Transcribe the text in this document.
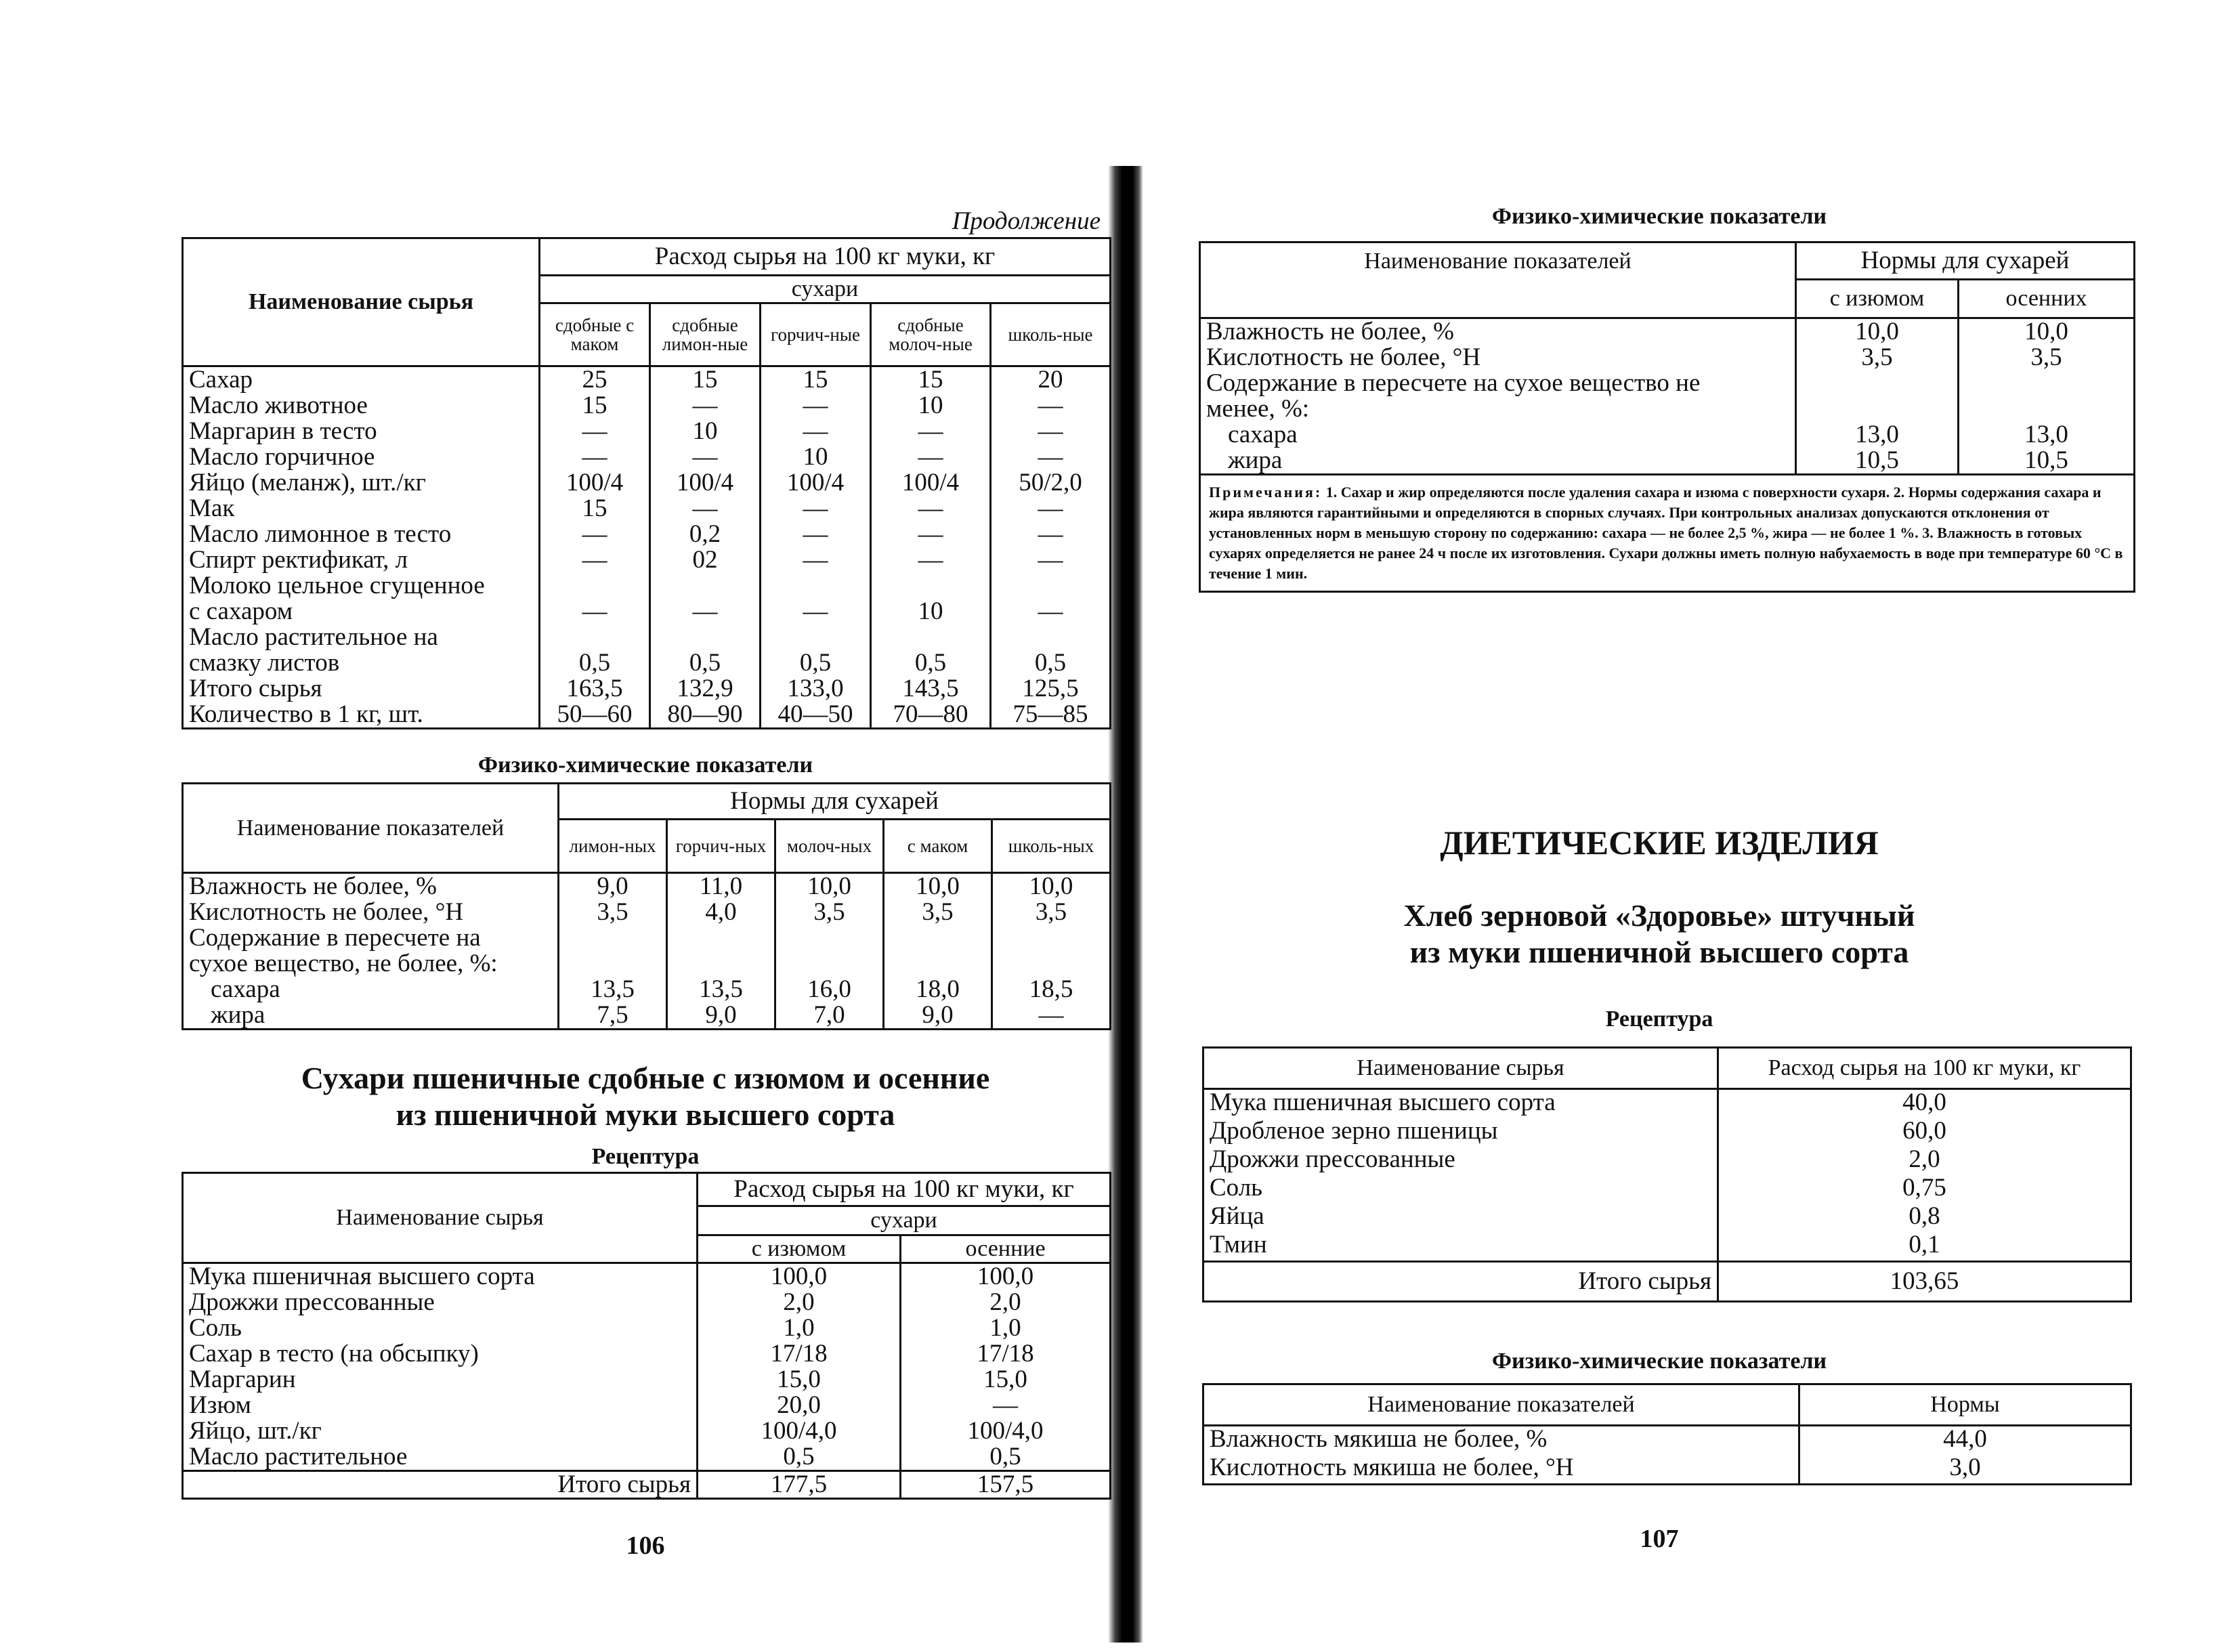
Продолжение
Наименование сырья	Расход сырья на 100 кг муки, кг				
	сухари				
	сдобные с маком	сдобные лимон-ные	горчич-ные	сдобные молоч-ные	школь-ные
Сахар	25	15	15	15	20
Масло животное	15	—	—	10	—
Маргарин в тесто	—	10	—	—	—
Масло горчичное	—	—	10	—	—
Яйцо (меланж), шт./кг	100/4	100/4	100/4	100/4	50/2,0
Мак	15	—	—	—	—
Масло лимонное в тесто	—	0,2	—	—	—
Спирт ректификат, л	—	02	—	—	—
Молоко цельное сгущенное					
с сахаром	—	—	—	10	—
Масло растительное на					
смазку листов	0,5	0,5	0,5	0,5	0,5
Итого сырья	163,5	132,9	133,0	143,5	125,5
Количество в 1 кг, шт.	50—60	80—90	40—50	70—80	75—85
Физико-химические показатели
Наименование показателей	Нормы для сухарей				
	лимон-ных	горчич-ных	молоч-ных	с маком	школь-ных
Влажность не более, %	9,0	11,0	10,0	10,0	10,0
Кислотность не более, °Н	3,5	4,0	3,5	3,5	3,5
Содержание в пересчете на					
сухое вещество, не более, %:					
сахара	13,5	13,5	16,0	18,0	18,5
жира	7,5	9,0	7,0	9,0	—
Сухари пшеничные сдобные с изюмом и осенние
из пшеничной муки высшего сорта
Рецептура
Наименование сырья	Расход сырья на 100 кг муки, кг	
	сухари	
	с изюмом	осенние
Мука пшеничная высшего сорта	100,0	100,0
Дрожжи прессованные	2,0	2,0
Соль	1,0	1,0
Сахар в тесто (на обсыпку)	17/18	17/18
Маргарин	15,0	15,0
Изюм	20,0	—
Яйцо, шт./кг	100/4,0	100/4,0
Масло растительное	0,5	0,5
Итого сырья	177,5	157,5
106
Физико-химические показатели
Наименование показателей	Нормы для сухарей	
	с изюмом	осенних
Влажность не более, %	10,0	10,0
Кислотность не более, °Н	3,5	3,5
Содержание в пересчете на сухое вещество не		
менее, %:		
сахара	13,0	13,0
жира	10,5	10,5
Примечания: 1. Сахар и жир определяются после удаления сахара и изюма с поверхности сухаря. 2. Нормы содержания сахара и жира являются гарантийными и определяются в спорных случаях. При контрольных анализах допускаются отклонения от установленных норм в меньшую сторону по содержанию: сахара — не более 2,5 %, жира — не более 1 %. 3. Влажность в готовых сухарях определяется не ранее 24 ч после их изготовления. Сухари должны иметь полную набухаемость в воде при температуре 60 °С в течение 1 мин.		
ДИЕТИЧЕСКИЕ ИЗДЕЛИЯ
Хлеб зерновой «Здоровье» штучный
из муки пшеничной высшего сорта
Рецептура
Наименование сырья	Расход сырья на 100 кг муки, кг
Мука пшеничная высшего сорта	40,0
Дробленое зерно пшеницы	60,0
Дрожжи прессованные	2,0
Соль	0,75
Яйца	0,8
Тмин	0,1
Итого сырья	103,65
Физико-химические показатели
Наименование показателей	Нормы
Влажность мякиша не более, %	44,0
Кислотность мякиша не более, °Н	3,0
107
